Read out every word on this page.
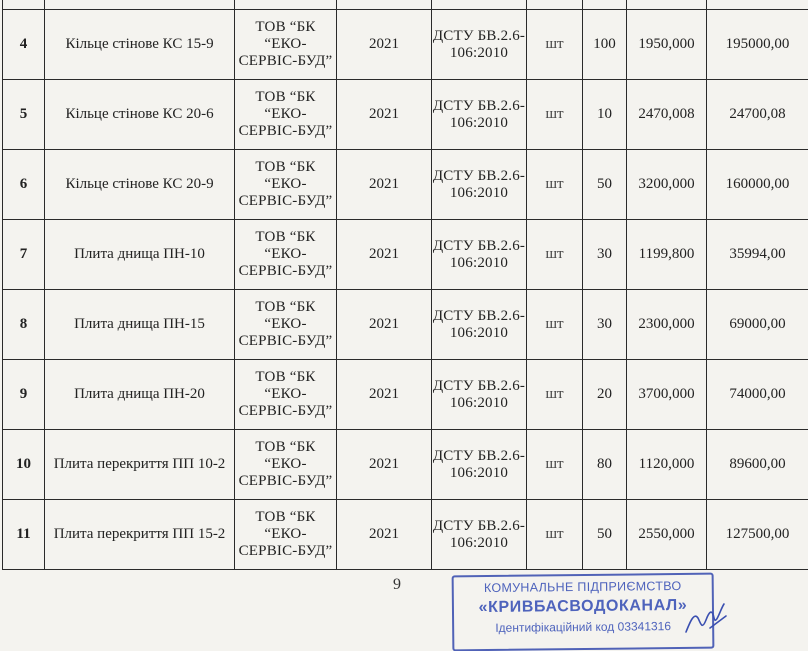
4	Кільце стінове КС 15-9	ТОВ “БК “ЕКО-СЕРВІС-БУД”	2021	ДСТУ БВ.2.6-106:2010	шт	100	1950,000	195000,00
5	Кільце стінове КС 20-6	ТОВ “БК “ЕКО-СЕРВІС-БУД”	2021	ДСТУ БВ.2.6-106:2010	шт	10	2470,008	24700,08
6	Кільце стінове КС 20-9	ТОВ “БК “ЕКО-СЕРВІС-БУД”	2021	ДСТУ БВ.2.6-106:2010	шт	50	3200,000	160000,00
7	Плита днища ПН-10	ТОВ “БК “ЕКО-СЕРВІС-БУД”	2021	ДСТУ БВ.2.6-106:2010	шт	30	1199,800	35994,00
8	Плита днища ПН-15	ТОВ “БК “ЕКО-СЕРВІС-БУД”	2021	ДСТУ БВ.2.6-106:2010	шт	30	2300,000	69000,00
9	Плита днища ПН-20	ТОВ “БК “ЕКО-СЕРВІС-БУД”	2021	ДСТУ БВ.2.6-106:2010	шт	20	3700,000	74000,00
10	Плита перекриття ПП 10-2	ТОВ “БК “ЕКО-СЕРВІС-БУД”	2021	ДСТУ БВ.2.6-106:2010	шт	80	1120,000	89600,00
11	Плита перекриття ПП 15-2	ТОВ “БК “ЕКО-СЕРВІС-БУД”	2021	ДСТУ БВ.2.6-106:2010	шт	50	2550,000	127500,00
9	КОМУНАЛЬНЕ ПІДПРИЄМСТВО
«КРИВБАСВОДОКАНАЛ»
Ідентифікаційний код 03341316
